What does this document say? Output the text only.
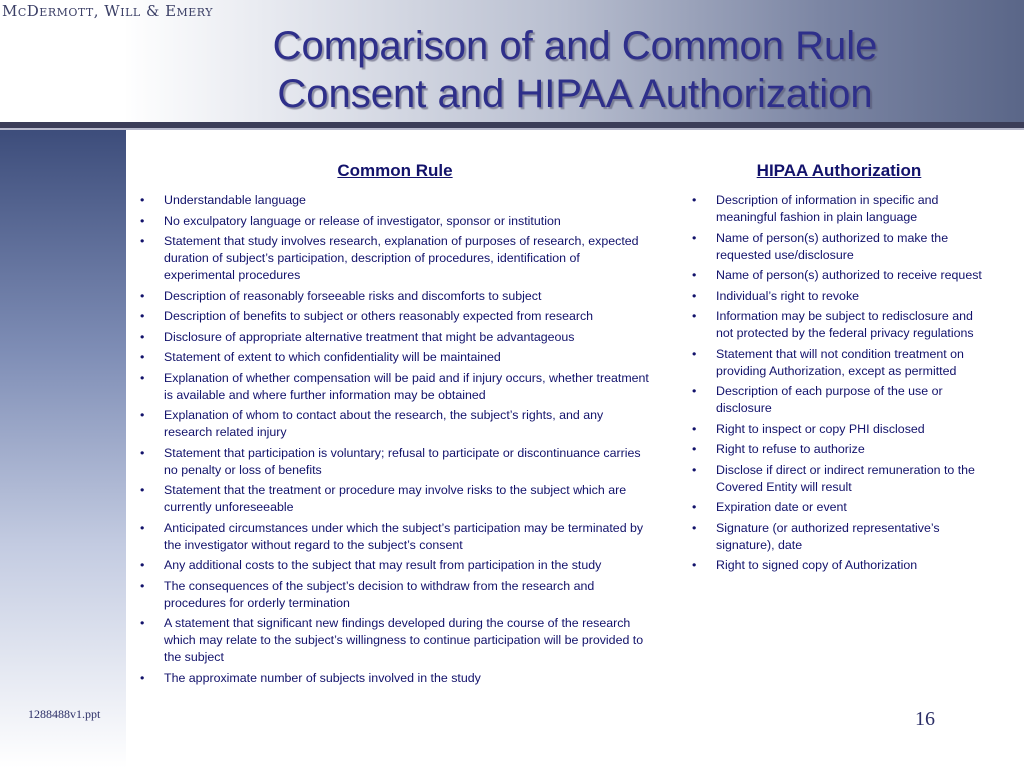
McDermott, Will & Emery
Comparison of and Common Rule
Consent and HIPAA Authorization
Common Rule
• Understandable language
• No exculpatory language or release of investigator, sponsor or institution
• Statement that study involves research, explanation of purposes of research, expected duration of subject’s participation, description of procedures, identification of experimental procedures
• Description of reasonably forseeable risks and discomforts to subject
• Description of benefits to subject or others reasonably expected from research
• Disclosure of appropriate alternative treatment that might be advantageous
• Statement of extent to which confidentiality will be maintained
• Explanation of whether compensation will be paid and if injury occurs, whether treatment is available and where further information may be obtained
• Explanation of whom to contact about the research, the subject’s rights, and any research related injury
• Statement that participation is voluntary; refusal to participate or discontinuance carries no penalty or loss of benefits
• Statement that the treatment or procedure may involve risks to the subject which are currently unforeseeable
• Anticipated circumstances under which the subject’s participation may be terminated by the investigator without regard to the subject’s consent
• Any additional costs to the subject that may result from participation in the study
• The consequences of the subject’s decision to withdraw from the research and procedures for orderly termination
• A statement that significant new findings developed during the course of the research which may relate to the subject’s willingness to continue participation will be provided to the subject
• The approximate number of subjects involved in the study
HIPAA Authorization
• Description of information in specific and meaningful fashion in plain language
• Name of person(s) authorized to make the requested use/disclosure
• Name of person(s) authorized to receive request
• Individual’s right to revoke
• Information may be subject to redisclosure and not protected by the federal privacy regulations
• Statement that will not condition treatment on providing Authorization, except as permitted
• Description of each purpose of the use or disclosure
• Right to inspect or copy PHI disclosed
• Right to refuse to authorize
• Disclose if direct or indirect remuneration to the Covered Entity will result
• Expiration date or event
• Signature (or authorized representative’s signature), date
• Right to signed copy of Authorization
1288488v1.ppt	16
